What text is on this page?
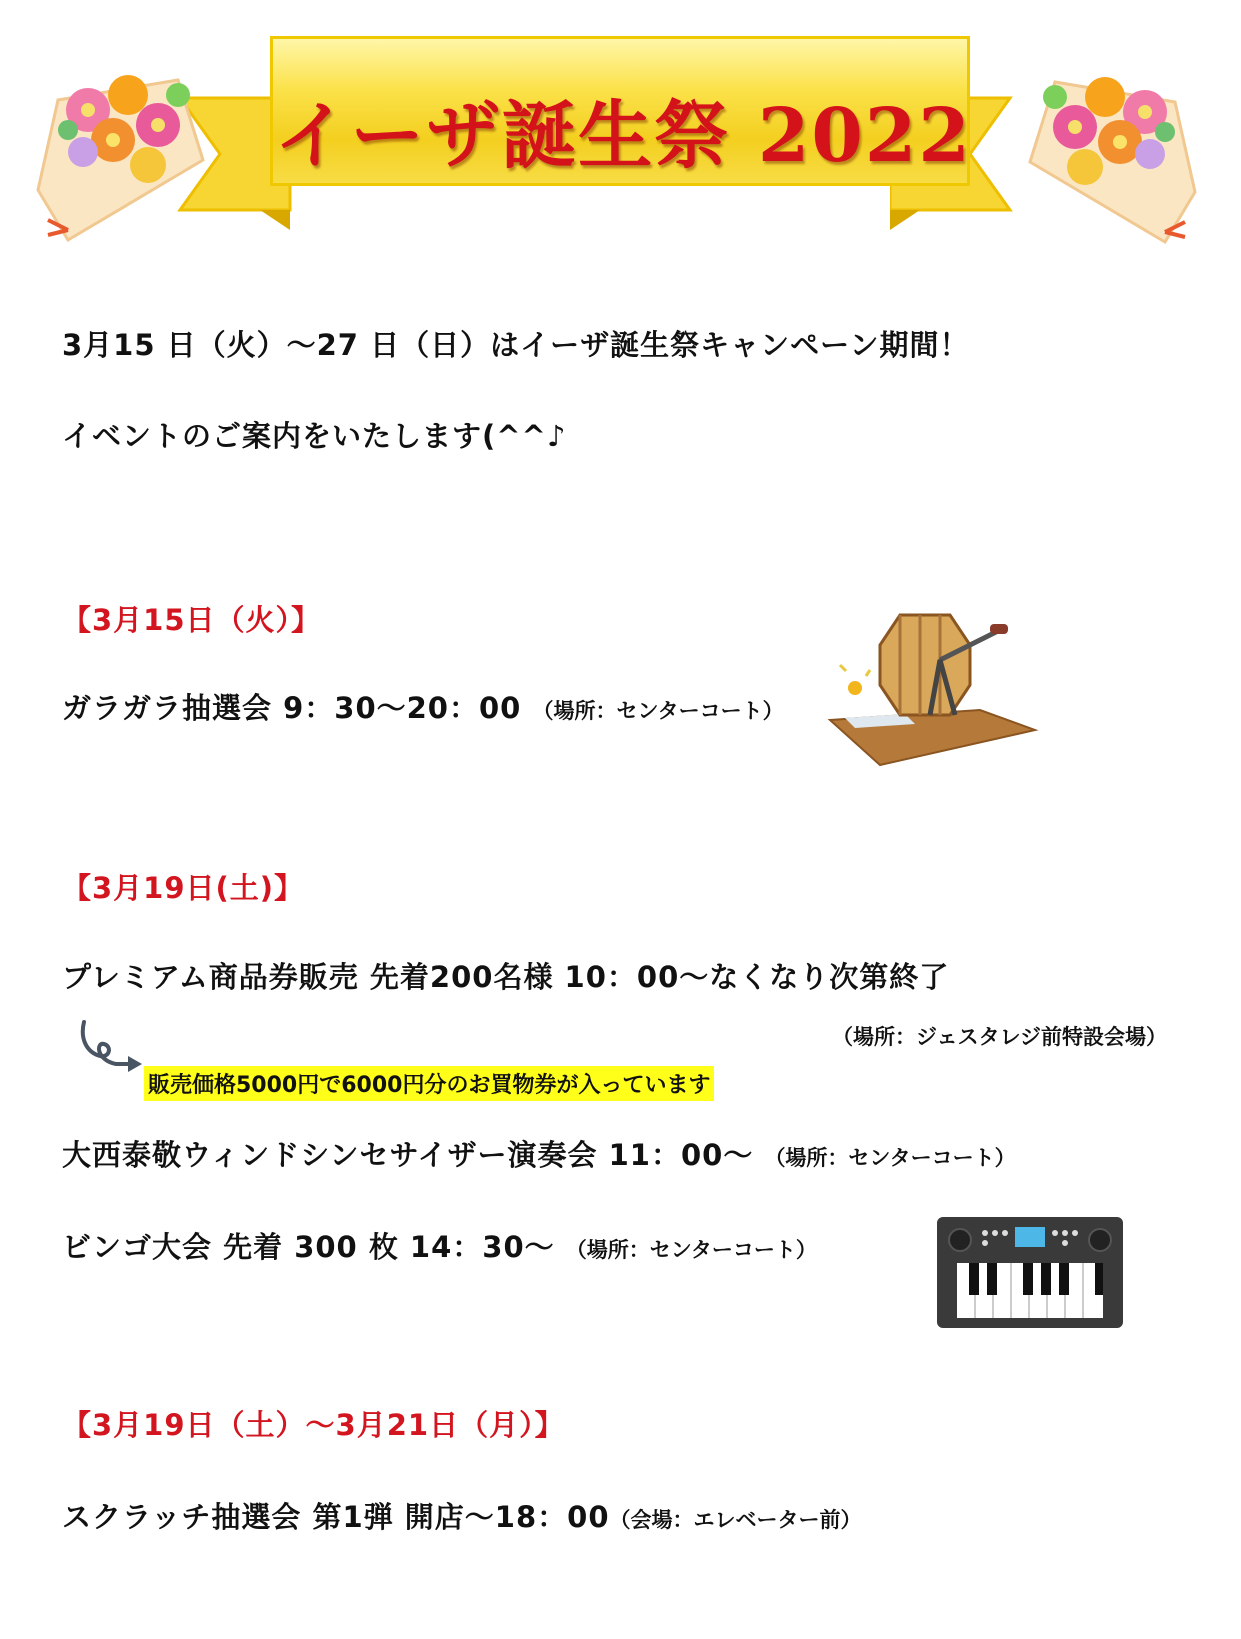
イーザ誕生祭 2022
3月15 日（火）～27 日（日）はイーザ誕生祭キャンペーン期間！
イベントのご案内をいたします(^^♪
【3月15日（火）】
ガラガラ抽選会 9：30～20：00 （場所：センターコート）
【3月19日(土)】
プレミアム商品券販売 先着200名様 10：00～なくなり次第終了
（場所：ジェスタレジ前特設会場）
販売価格5000円で6000円分のお買物券が入っています
大西泰敬ウィンドシンセサイザー演奏会 11：00～ （場所：センターコート）
ビンゴ大会 先着 300 枚 14：30～ （場所：センターコート）
【3月19日（土）～3月21日（月）】
スクラッチ抽選会 第1弾 開店～18：00（会場：エレベーター前）
